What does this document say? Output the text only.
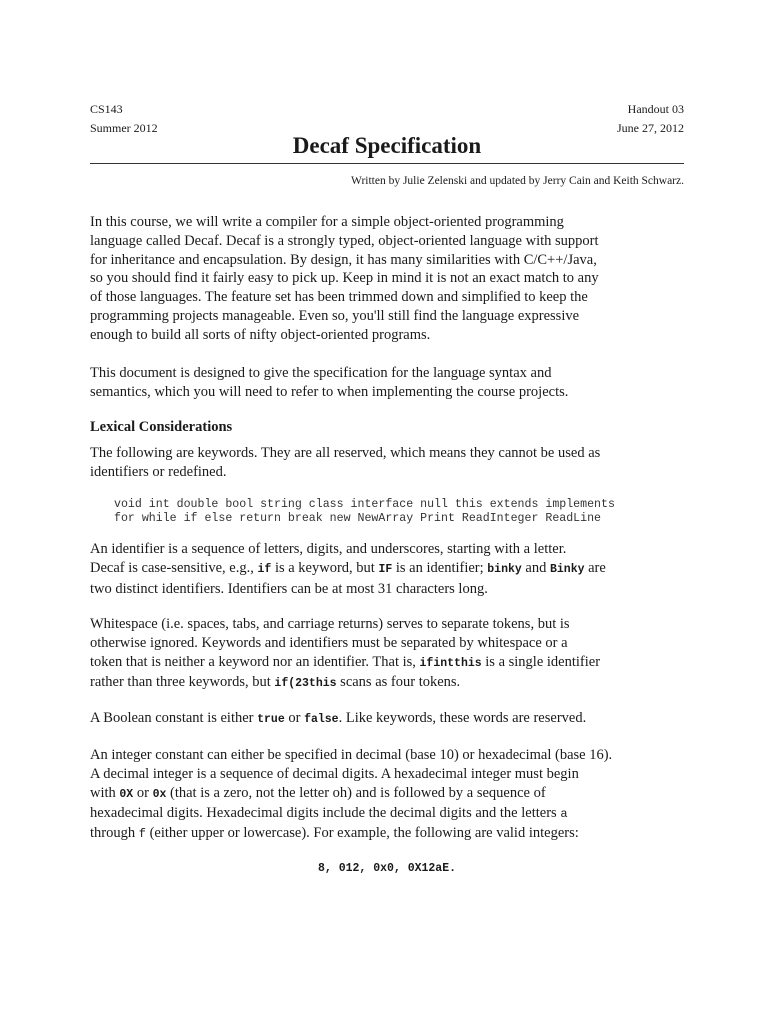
CS143	Handout 03
Summer 2012	June 27, 2012
Decaf Specification
Written by Julie Zelenski and updated by Jerry Cain and Keith Schwarz.
In this course, we will write a compiler for a simple object-oriented programming
language called Decaf. Decaf is a strongly typed, object-oriented language with support
for inheritance and encapsulation. By design, it has many similarities with C/C++/Java,
so you should find it fairly easy to pick up. Keep in mind it is not an exact match to any
of those languages. The feature set has been trimmed down and simplified to keep the
programming projects manageable. Even so, you'll still find the language expressive
enough to build all sorts of nifty object-oriented programs.
This document is designed to give the specification for the language syntax and
semantics, which you will need to refer to when implementing the course projects.
Lexical Considerations
The following are keywords. They are all reserved, which means they cannot be used as
identifiers or redefined.
void int double bool string class interface null this extends implements
for while if else return break new NewArray Print ReadInteger ReadLine
An identifier is a sequence of letters, digits, and underscores, starting with a letter.
Decaf is case-sensitive, e.g., if is a keyword, but IF is an identifier; binky and Binky are
two distinct identifiers. Identifiers can be at most 31 characters long.
Whitespace (i.e. spaces, tabs, and carriage returns) serves to separate tokens, but is
otherwise ignored. Keywords and identifiers must be separated by whitespace or a
token that is neither a keyword nor an identifier. That is, ifintthis is a single identifier
rather than three keywords, but if(23this scans as four tokens.
A Boolean constant is either true or false. Like keywords, these words are reserved.
An integer constant can either be specified in decimal (base 10) or hexadecimal (base 16).
A decimal integer is a sequence of decimal digits. A hexadecimal integer must begin
with 0X or 0x (that is a zero, not the letter oh) and is followed by a sequence of
hexadecimal digits. Hexadecimal digits include the decimal digits and the letters a
through f (either upper or lowercase). For example, the following are valid integers:
8, 012, 0x0, 0X12aE.
